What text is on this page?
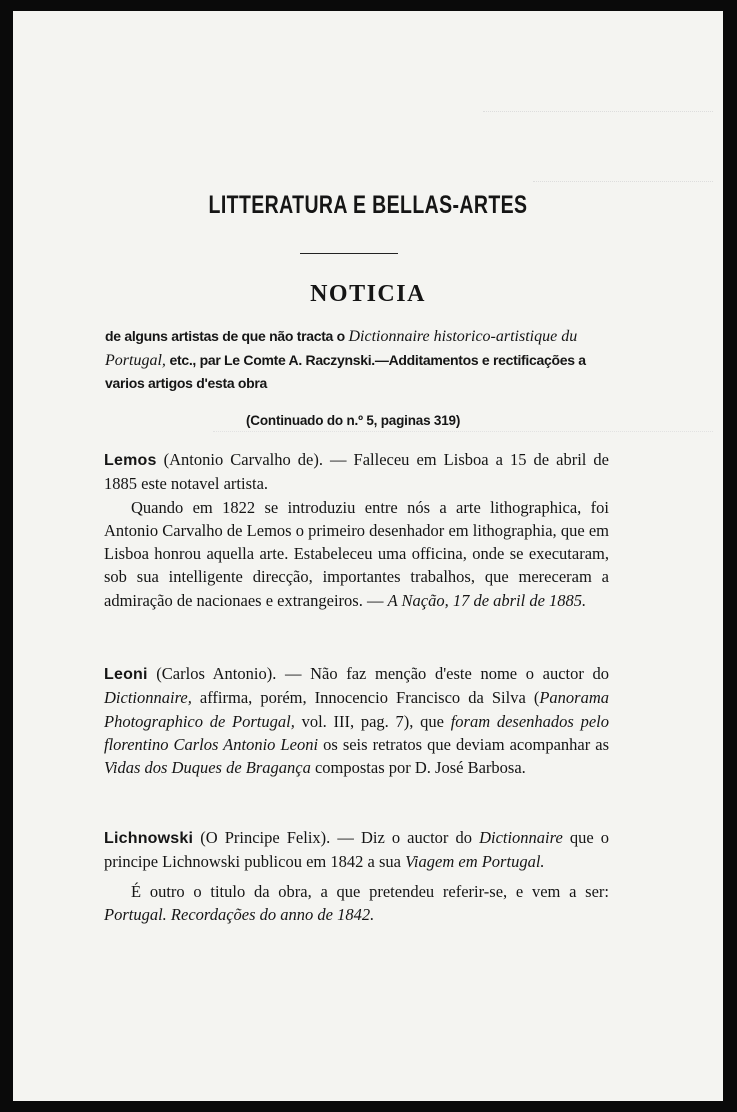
LITTERATURA E BELLAS-ARTES
NOTICIA

de alguns artistas de que não tracta o Dictionnaire historico-artistique du Portugal, etc., par Le Comte A. Raczynski.—Additamentos e rectificações a varios artigos d'esta obra

(Continuado do n.º 5, paginas 319)

Lemos (Antonio Carvalho de). — Falleceu em Lisboa a 15 de abril de 1885 este notavel artista.

Quando em 1822 se introduziu entre nós a arte lithographica, foi Antonio Carvalho de Lemos o primeiro desenhador em lithographia, que em Lisboa honrou aquella arte. Estabeleceu uma officina, onde se executaram, sob sua intelligente direcção, importantes trabalhos, que mereceram a admiração de nacionaes e extrangeiros. — A Nação, 17 de abril de 1885.

Leoni (Carlos Antonio). — Não faz menção d'este nome o auctor do Dictionnaire, affirma, porém, Innocencio Francisco da Silva (Panorama Photographico de Portugal, vol. III, pag. 7), que foram desenhados pelo florentino Carlos Antonio Leoni os seis retratos que deviam acompanhar as Vidas dos Duques de Bragança compostas por D. José Barbosa.

Lichnowski (O Principe Felix). — Diz o auctor do Dictionnaire que o principe Lichnowski publicou em 1842 a sua Viagem em Portugal.

É outro o titulo da obra, a que pretendeu referir-se, e vem a ser: Portugal. Recordações do anno de 1842.
